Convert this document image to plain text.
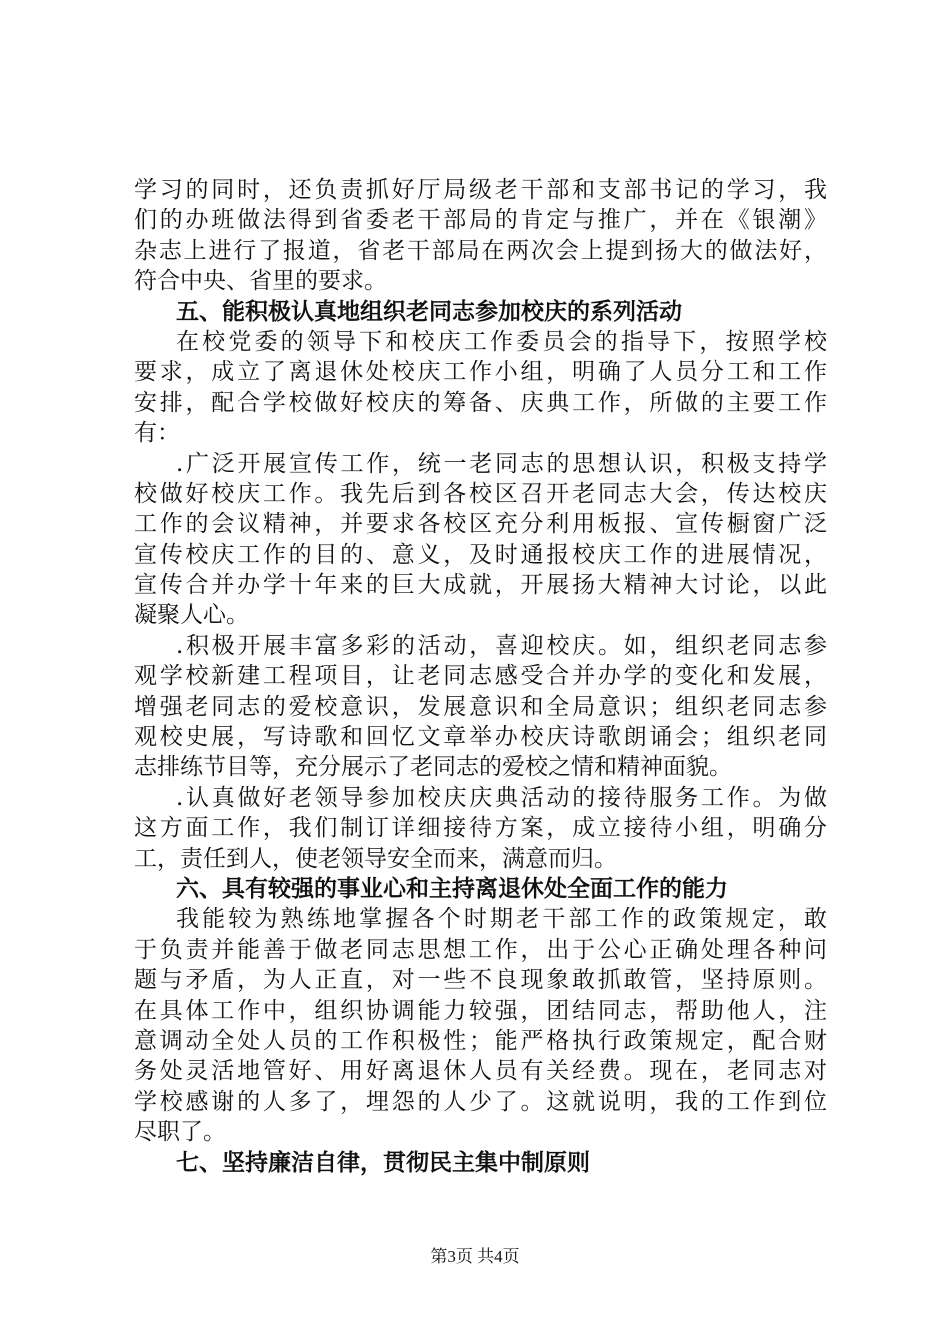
学习的同时，还负责抓好厅局级老干部和支部书记的学习，我
们的办班做法得到省委老干部局的肯定与推广，并在《银潮》
杂志上进行了报道，省老干部局在两次会上提到扬大的做法好，
符合中央、省里的要求。
五、能积极认真地组织老同志参加校庆的系列活动
在校党委的领导下和校庆工作委员会的指导下，按照学校
要求，成立了离退休处校庆工作小组，明确了人员分工和工作
安排，配合学校做好校庆的筹备、庆典工作，所做的主要工作
有：
.广泛开展宣传工作，统一老同志的思想认识，积极支持学
校做好校庆工作。我先后到各校区召开老同志大会，传达校庆
工作的会议精神，并要求各校区充分利用板报、宣传橱窗广泛
宣传校庆工作的目的、意义，及时通报校庆工作的进展情况，
宣传合并办学十年来的巨大成就，开展扬大精神大讨论，以此
凝聚人心。
.积极开展丰富多彩的活动，喜迎校庆。如，组织老同志参
观学校新建工程项目，让老同志感受合并办学的变化和发展，
增强老同志的爱校意识，发展意识和全局意识；组织老同志参
观校史展，写诗歌和回忆文章举办校庆诗歌朗诵会；组织老同
志排练节目等，充分展示了老同志的爱校之情和精神面貌。
.认真做好老领导参加校庆庆典活动的接待服务工作。为做
这方面工作，我们制订详细接待方案，成立接待小组，明确分
工，责任到人，使老领导安全而来，满意而归。
六、具有较强的事业心和主持离退休处全面工作的能力
我能较为熟练地掌握各个时期老干部工作的政策规定，敢
于负责并能善于做老同志思想工作，出于公心正确处理各种问
题与矛盾，为人正直，对一些不良现象敢抓敢管，坚持原则。
在具体工作中，组织协调能力较强，团结同志，帮助他人，注
意调动全处人员的工作积极性；能严格执行政策规定，配合财
务处灵活地管好、用好离退休人员有关经费。现在，老同志对
学校感谢的人多了，埋怨的人少了。这就说明，我的工作到位
尽职了。
七、坚持廉洁自律，贯彻民主集中制原则
第3页 共4页
